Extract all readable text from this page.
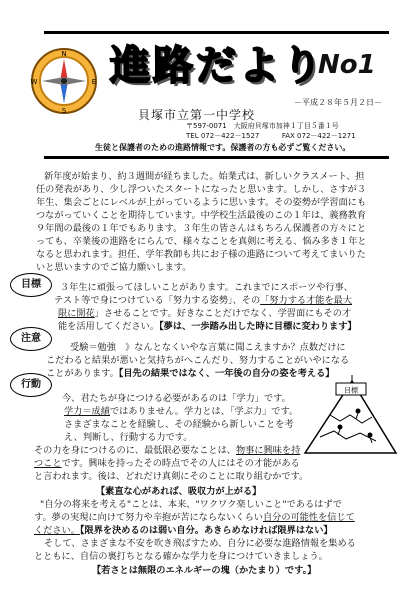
N
S
E
W 進路だより
No1
－平成２８年５月２日－
貝塚市立第一中学校
〒597-0071　大阪府貝塚市加神１丁目５番１号
TEL 072－422－1527	FAX 072－422－1271
生徒と保護者のための進路情報です。保護者の方も必ずご覧ください。
新年度が始まり、約３週間が経ちました。始業式は、新しいクラスメート、担
任の発表があり、少し浮ついたスタートになったと思います。しかし、さすが３
年生、集会ごとにレベルが上がっているように思います。その姿勢が学習面にも
つながっていくことを期待しています。中学校生活最後のこの１年は、義務教育
９年間の最後の１年でもあります。３年生の皆さんはもちろん保護者の方々にと
っても、卒業後の進路をにらんで、様々なことを真剣に考える、悩み多き１年と
なると思われます。担任、学年教師も共にお子様の進路について考えてまいりた
いと思いますのでご協力願いします。
目標	３年生に頑張ってほしいことがあります。これまでにスポーツや行事、
テスト等で身につけている「努力する姿勢」、その「努力する才能を最大
限に開花」させることです。好きなことだけでなく、学習面にもその才
能を活用してください。【夢は、一歩踏み出した時に目標に変わります】
注意
受験＝勉強　》なんとなくいやな言葉に聞こえますか？点数だけに
こだわると結果が悪いと気持ちがへこんだり、努力することがいやになる
ことがあります。【目先の結果ではなく、一年後の自分の姿を考える】
行動
今、君たちが身につける必要があるのは「学力」です。
学力＝成績ではありません。学力とは、「学ぶ力」です。
さまざまなことを経験し、その経験から新しいことを考
え、判断し、行動する力です。
その力を身につけるのに、最低限必要なことは、物事に興味を持
つことです。興味を持ったその時点でその人にはその才能がある
と言われます。後は、どれだけ真剣にそのことに取り組むかです。
目標
【素直な心があれば、吸収力が上がる】
"自分の将来を考える"ことは、本来、"ワクワク楽しいこと"であるはずで
す。夢の実現に向けて努力や辛抱が苦にならないくらい自分の可能性を信じて
ください。【限界を決めるのは弱い自分。あきらめなければ限界はない】
そして、さまざまな不安を吹き飛ばすため、自分に必要な進路情報を集める
とともに、自信の裏打ちとなる確かな学力を身につけていきましょう。
【若さとは無限のエネルギーの塊（かたまり）です。】
